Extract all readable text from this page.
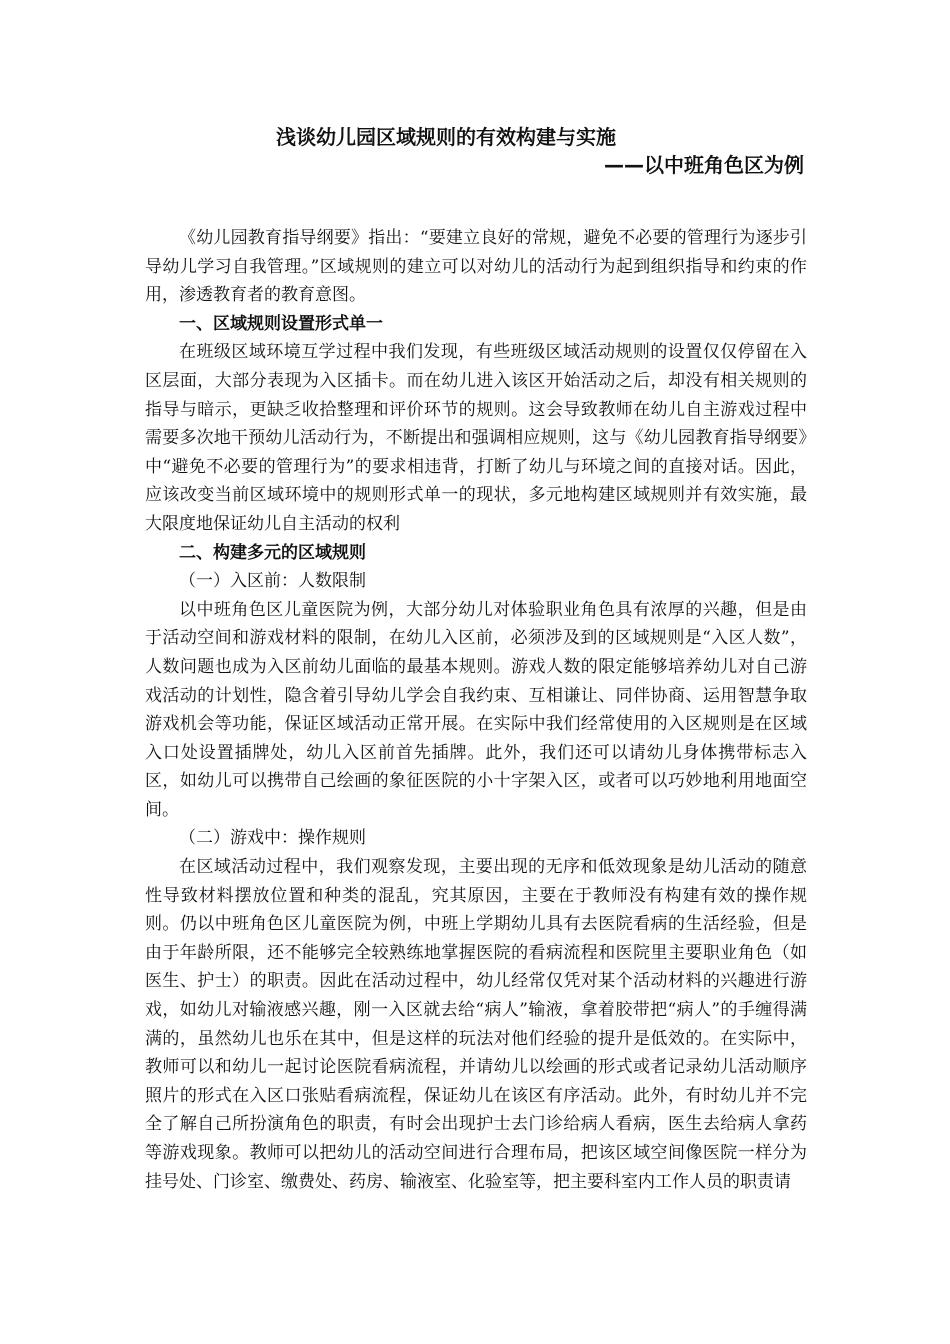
浅谈幼儿园区域规则的有效构建与实施
——以中班角色区为例

《幼儿园教育指导纲要》指出：“要建立良好的常规，避免不必要的管理行为逐步引导幼儿学习自我管理。”区域规则的建立可以对幼儿的活动行为起到组织指导和约束的作用，渗透教育者的教育意图。

一、区域规则设置形式单一

在班级区域环境互学过程中我们发现，有些班级区域活动规则的设置仅仅停留在入区层面，大部分表现为入区插卡。而在幼儿进入该区开始活动之后，却没有相关规则的指导与暗示，更缺乏收拾整理和评价环节的规则。这会导致教师在幼儿自主游戏过程中需要多次地干预幼儿活动行为，不断提出和强调相应规则，这与《幼儿园教育指导纲要》中“避免不必要的管理行为”的要求相违背，打断了幼儿与环境之间的直接对话。因此，应该改变当前区域环境中的规则形式单一的现状，多元地构建区域规则并有效实施，最大限度地保证幼儿自主活动的权利

二、构建多元的区域规则

（一）入区前：人数限制

以中班角色区儿童医院为例，大部分幼儿对体验职业角色具有浓厚的兴趣，但是由于活动空间和游戏材料的限制，在幼儿入区前，必须涉及到的区域规则是“入区人数”，人数问题也成为入区前幼儿面临的最基本规则。游戏人数的限定能够培养幼儿对自己游戏活动的计划性，隐含着引导幼儿学会自我约束、互相谦让、同伴协商、运用智慧争取游戏机会等功能，保证区域活动正常开展。在实际中我们经常使用的入区规则是在区域入口处设置插牌处，幼儿入区前首先插牌。此外，我们还可以请幼儿身体携带标志入区，如幼儿可以携带自己绘画的象征医院的小十字架入区，或者可以巧妙地利用地面空间。

（二）游戏中：操作规则

在区域活动过程中，我们观察发现，主要出现的无序和低效现象是幼儿活动的随意性导致材料摆放位置和种类的混乱，究其原因，主要在于教师没有构建有效的操作规则。仍以中班角色区儿童医院为例，中班上学期幼儿具有去医院看病的生活经验，但是由于年龄所限，还不能够完全较熟练地掌握医院的看病流程和医院里主要职业角色（如医生、护士）的职责。因此在活动过程中，幼儿经常仅凭对某个活动材料的兴趣进行游戏，如幼儿对输液感兴趣，刚一入区就去给“病人”输液，拿着胶带把“病人”的手缠得满满的，虽然幼儿也乐在其中，但是这样的玩法对他们经验的提升是低效的。在实际中，教师可以和幼儿一起讨论医院看病流程，并请幼儿以绘画的形式或者记录幼儿活动顺序照片的形式在入区口张贴看病流程，保证幼儿在该区有序活动。此外，有时幼儿并不完全了解自己所扮演角色的职责，有时会出现护士去门诊给病人看病，医生去给病人拿药等游戏现象。教师可以把幼儿的活动空间进行合理布局，把该区域空间像医院一样分为挂号处、门诊室、缴费处、药房、输液室、化验室等，把主要科室内工作人员的职责请
